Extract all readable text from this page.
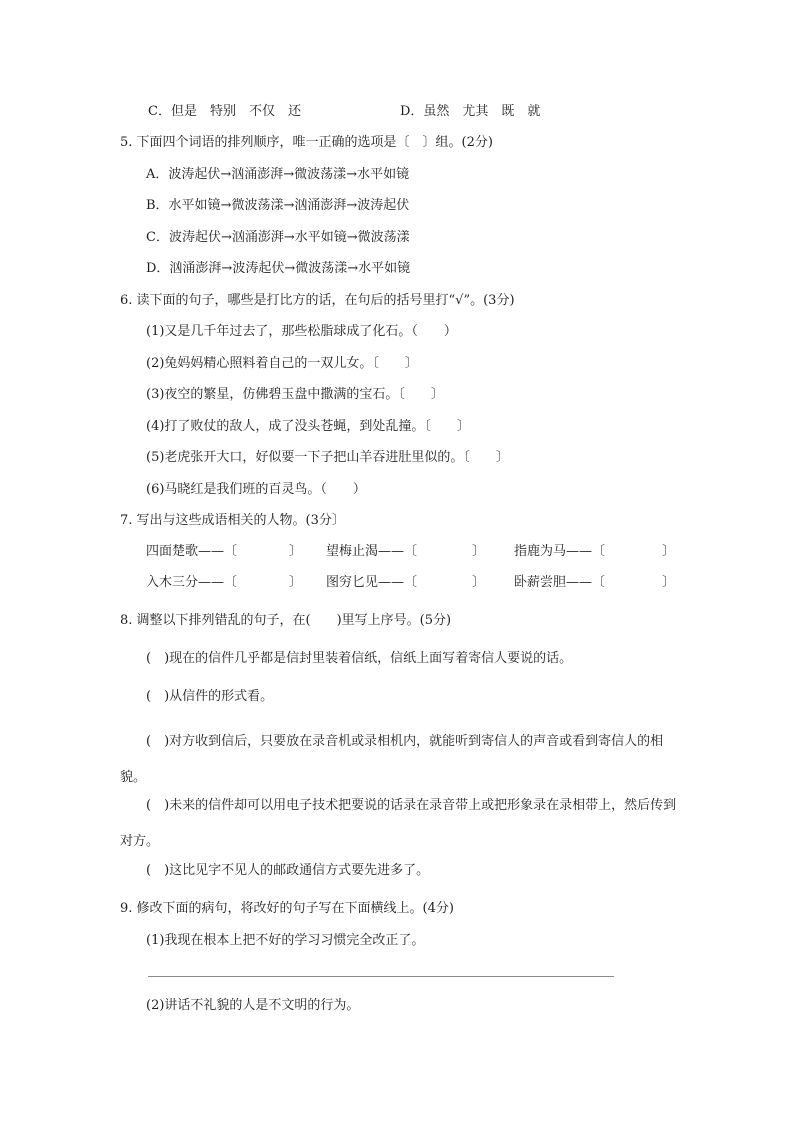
C．但是　特别　不仅　还	D．虽然　尤其　既　就
5. 下面四个词语的排列顺序，唯一正确的选项是〔　〕组。(2分)
A．波涛起伏→汹涌澎湃→微波荡漾→水平如镜
B．水平如镜→微波荡漾→汹涌澎湃→波涛起伏
C．波涛起伏→汹涌澎湃→水平如镜→微波荡漾
D．汹涌澎湃→波涛起伏→微波荡漾→水平如镜
6. 读下面的句子，哪些是打比方的话，在句后的括号里打“√”。(3分)
(1)又是几千年过去了，那些松脂球成了化石。（　　）
(2)兔妈妈精心照料着自己的一双儿女。〔　　〕
(3)夜空的繁星，仿佛碧玉盘中撒满的宝石。〔　　〕
(4)打了败仗的敌人，成了没头苍蝇，到处乱撞。〔　　〕
(5)老虎张开大口，好似要一下子把山羊吞进肚里似的。〔　　〕
(6)马晓红是我们班的百灵鸟。（　　）
7. 写出与这些成语相关的人物。(3分〕
四面楚歌——〔	〕 望梅止渴——〔	〕 指鹿为马——〔	〕
入木三分——〔	〕 图穷匕见——〔	〕 卧薪尝胆——〔	〕
8. 调整以下排列错乱的句子，在(　　)里写上序号。(5分)
(　)现在的信件几乎都是信封里装着信纸，信纸上面写着寄信人要说的话。
(　)从信件的形式看。
(　)对方收到信后，只要放在录音机或录相机内，就能听到寄信人的声音或看到寄信人的相貌。
(　)未来的信件却可以用电子技术把要说的话录在录音带上或把形象录在录相带上，然后传到对方。
(　)这比见字不见人的邮政通信方式要先进多了。
9. 修改下面的病句，将改好的句子写在下面横线上。(4分)
(1)我现在根本上把不好的学习习惯完全改正了。
(2)讲话不礼貌的人是不文明的行为。
